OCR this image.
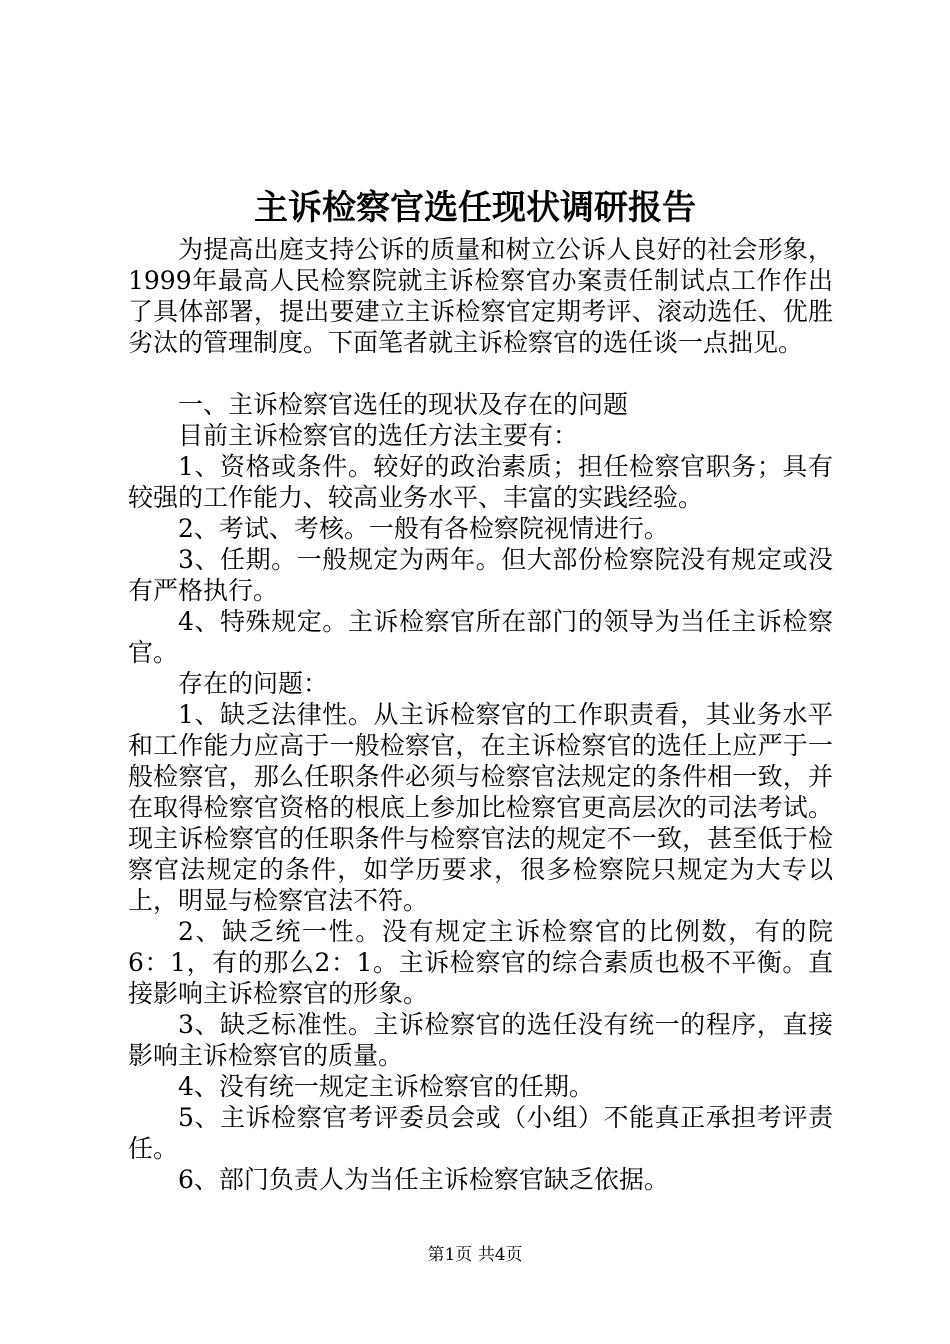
主诉检察官选任现状调研报告

为提高出庭支持公诉的质量和树立公诉人良好的社会形象，1999年最高人民检察院就主诉检察官办案责任制试点工作作出了具体部署，提出要建立主诉检察官定期考评、滚动选任、优胜劣汰的管理制度。下面笔者就主诉检察官的选任谈一点拙见。

一、主诉检察官选任的现状及存在的问题

目前主诉检察官的选任方法主要有：

1、资格或条件。较好的政治素质；担任检察官职务；具有较强的工作能力、较高业务水平、丰富的实践经验。

2、考试、考核。一般有各检察院视情进行。

3、任期。一般规定为两年。但大部份检察院没有规定或没有严格执行。

4、特殊规定。主诉检察官所在部门的领导为当任主诉检察官。

存在的问题：

1、缺乏法律性。从主诉检察官的工作职责看，其业务水平和工作能力应高于一般检察官，在主诉检察官的选任上应严于一般检察官，那么任职条件必须与检察官法规定的条件相一致，并在取得检察官资格的根底上参加比检察官更高层次的司法考试。现主诉检察官的任职条件与检察官法的规定不一致，甚至低于检察官法规定的条件，如学历要求，很多检察院只规定为大专以上，明显与检察官法不符。

2、缺乏统一性。没有规定主诉检察官的比例数，有的院6：1，有的那么2：1。主诉检察官的综合素质也极不平衡。直接影响主诉检察官的形象。

3、缺乏标准性。主诉检察官的选任没有统一的程序，直接影响主诉检察官的质量。

4、没有统一规定主诉检察官的任期。

5、主诉检察官考评委员会或（小组）不能真正承担考评责任。

6、部门负责人为当任主诉检察官缺乏依据。

第1页 共4页
